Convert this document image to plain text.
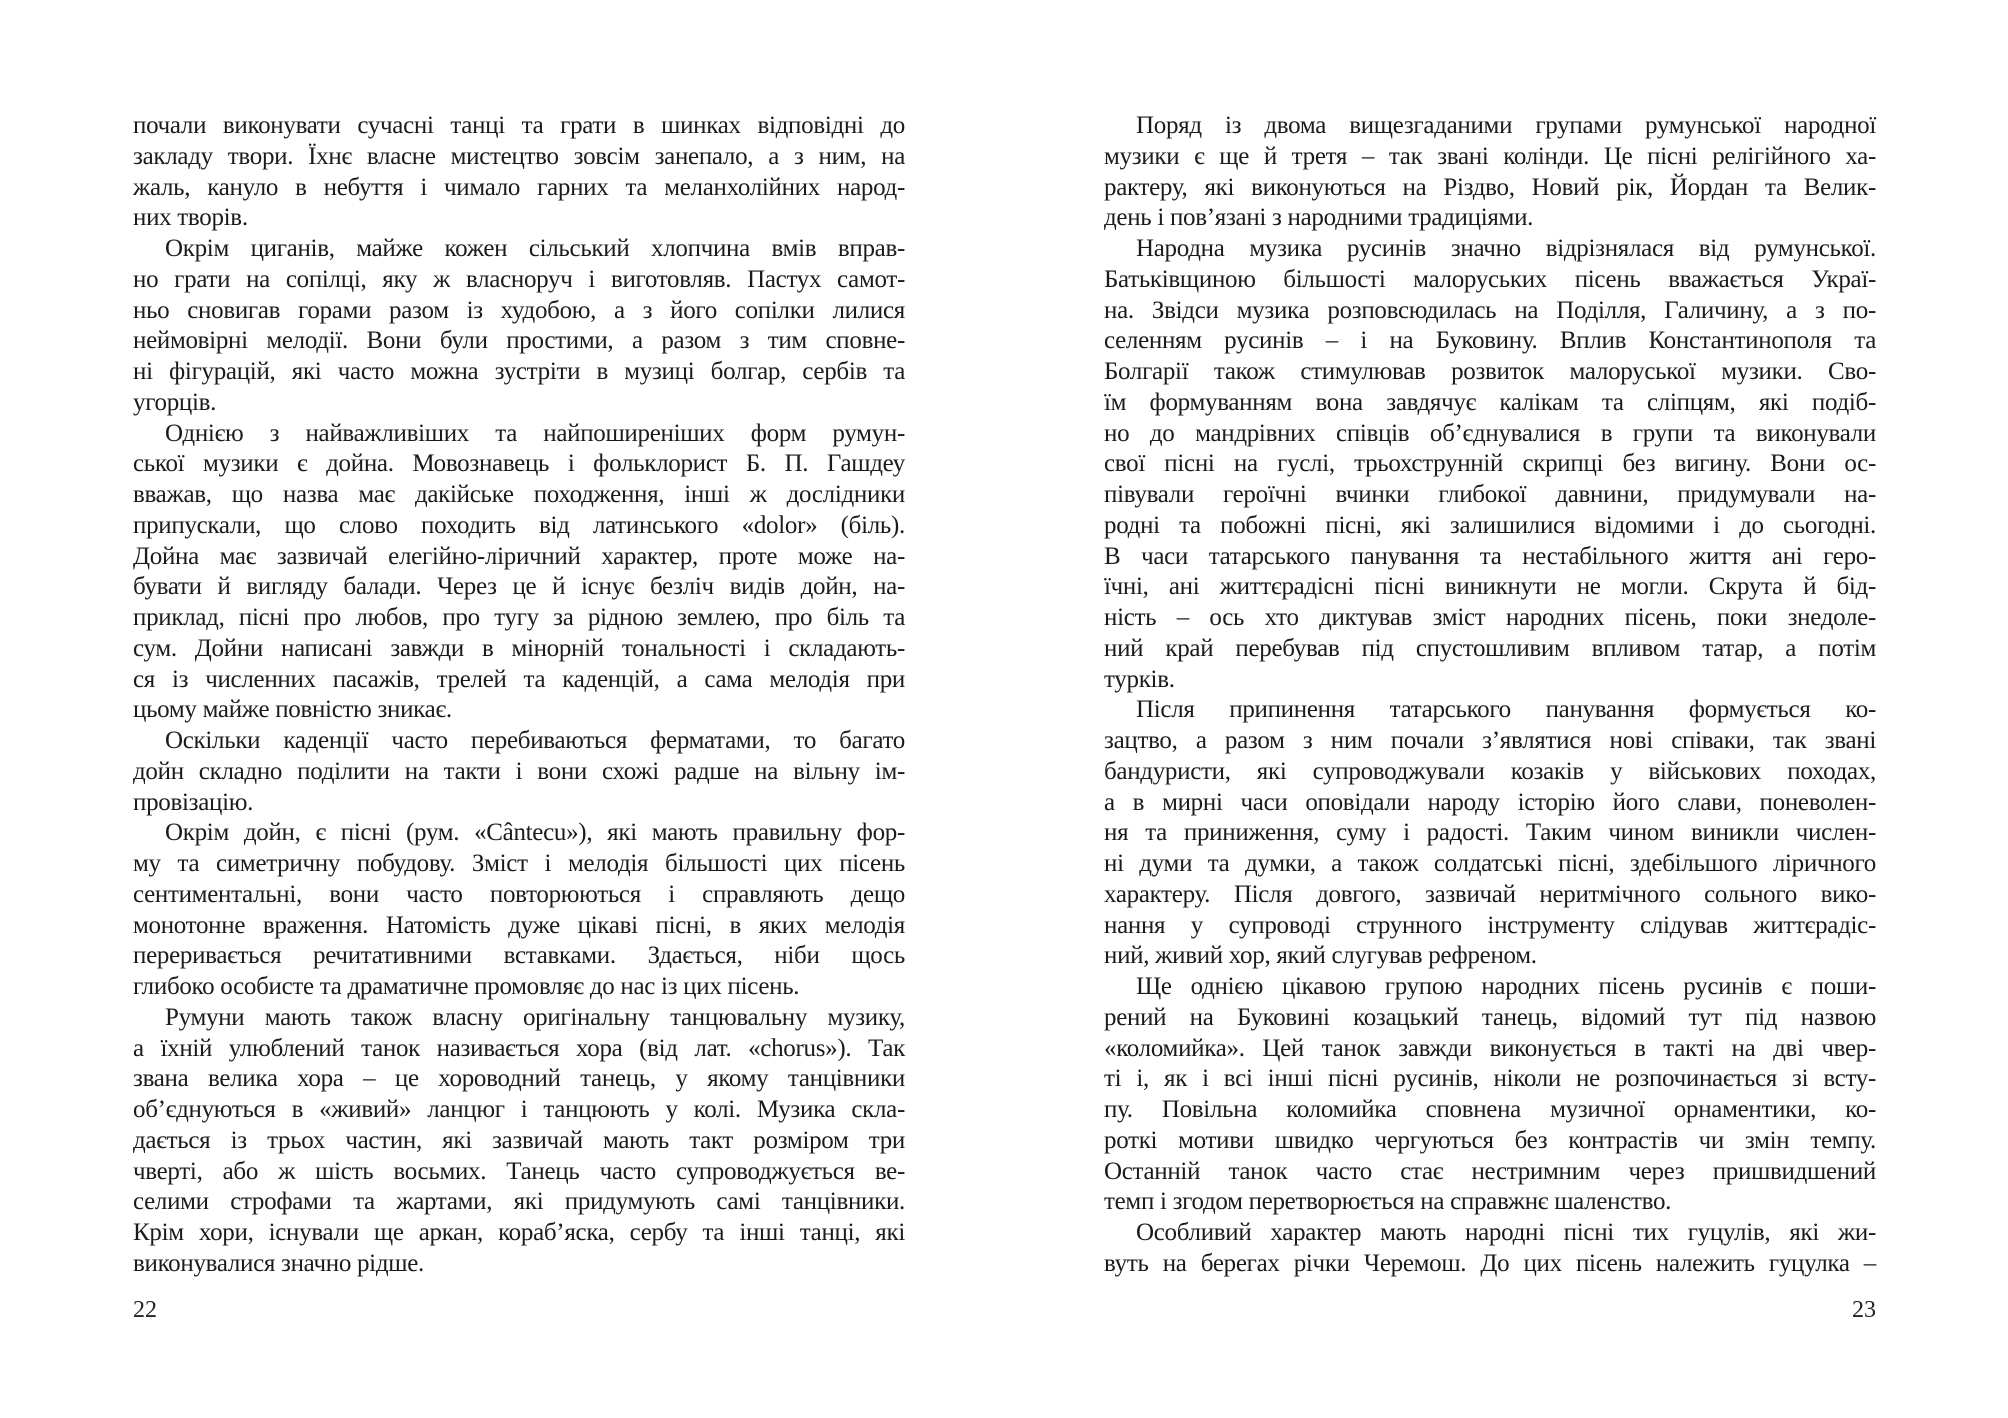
почали виконувати сучасні танці та грати в шинках відповідні до
закладу твори. Їхнє власне мистецтво зовсім занепало, а з ним, на
жаль, кануло в небуття і чимало гарних та меланхолійних народ-
них творів.
Окрім циганів, майже кожен сільський хлопчина вмів вправ-
но грати на сопілці, яку ж власноруч і виготовляв. Пастух самот-
ньо сновигав горами разом із худобою, а з його сопілки лилися
неймовірні мелодії. Вони були простими, а разом з тим сповне-
ні фігурацій, які часто можна зустріти в музиці болгар, сербів та
угорців.
Однією з найважливіших та найпоширеніших форм румун-
ської музики є дойна. Мовознавець і фольклорист Б. П. Гашдеу
вважав, що назва має дакійське походження, інші ж дослідники
припускали, що слово походить від латинського «dolor» (біль).
Дойна має зазвичай елегійно-ліричний характер, проте може на-
бувати й вигляду балади. Через це й існує безліч видів дойн, на-
приклад, пісні про любов, про тугу за рідною землею, про біль та
сум. Дойни написані завжди в мінорній тональності і складають-
ся із численних пасажів, трелей та каденцій, а сама мелодія при
цьому майже повністю зникає.
Оскільки каденції часто перебиваються ферматами, то багато
дойн складно поділити на такти і вони схожі радше на вільну ім-
провізацію.
Окрім дойн, є пісні (рум. «Cântecu»), які мають правильну фор-
му та симетричну побудову. Зміст і мелодія більшості цих пісень
сентиментальні, вони часто повторюються і справляють дещо
монотонне враження. Натомість дуже цікаві пісні, в яких мелодія
переривається речитативними вставками. Здається, ніби щось
глибоко особисте та драматичне промовляє до нас із цих пісень.
Румуни мають також власну оригінальну танцювальну музику,
а їхній улюблений танок називається хора (від лат. «chorus»). Так
звана велика хора – це хороводний танець, у якому танцівники
об’єднуються в «живий» ланцюг і танцюють у колі. Музика скла-
дається із трьох частин, які зазвичай мають такт розміром три
чверті, або ж шість восьмих. Танець часто супроводжується ве-
селими строфами та жартами, які придумують самі танцівники.
Крім хори, існували ще аркан, кораб’яска, сербу та інші танці, які
виконувалися значно рідше.
Поряд із двома вищезгаданими групами румунської народної
музики є ще й третя – так звані колінди. Це пісні релігійного ха-
рактеру, які виконуються на Різдво, Новий рік, Йордан та Велик-
день і пов’язані з народними традиціями.
Народна музика русинів значно відрізнялася від румунської.
Батьківщиною більшості малоруських пісень вважається Украї-
на. Звідси музика розповсюдилась на Поділля, Галичину, а з по-
селенням русинів – і на Буковину. Вплив Константинополя та
Болгарії також стимулював розвиток малоруської музики. Сво-
їм формуванням вона завдячує калікам та сліпцям, які подіб-
но до мандрівних співців об’єднувалися в групи та виконували
свої пісні на гуслі, трьохструнній скрипці без вигину. Вони ос-
півували героїчні вчинки глибокої давнини, придумували на-
родні та побожні пісні, які залишилися відомими і до сьогодні.
В часи татарського панування та нестабільного життя ані геро-
їчні, ані життєрадісні пісні виникнути не могли. Скрута й бід-
ність – ось хто диктував зміст народних пісень, поки знедоле-
ний край перебував під спустошливим впливом татар, а потім
турків.
Після припинення татарського панування формується ко-
зацтво, а разом з ним почали з’являтися нові співаки, так звані
бандуристи, які супроводжували козаків у військових походах,
а в мирні часи оповідали народу історію його слави, поневолен-
ня та приниження, суму і радості. Таким чином виникли числен-
ні думи та думки, а також солдатські пісні, здебільшого ліричного
характеру. Після довгого, зазвичай неритмічного сольного вико-
нання у супроводі струнного інструменту слідував життєрадіс-
ний, живий хор, який слугував рефреном.
Ще однією цікавою групою народних пісень русинів є поши-
рений на Буковині козацький танець, відомий тут під назвою
«коломийка». Цей танок завжди виконується в такті на дві чвер-
ті і, як і всі інші пісні русинів, ніколи не розпочинається зі всту-
пу. Повільна коломийка сповнена музичної орнаментики, ко-
роткі мотиви швидко чергуються без контрастів чи змін темпу.
Останній танок часто стає нестримним через пришвидшений
темп і згодом перетворюється на справжнє шаленство.
Особливий характер мають народні пісні тих гуцулів, які жи-
вуть на берегах річки Черемош. До цих пісень належить гуцулка –
22	23
